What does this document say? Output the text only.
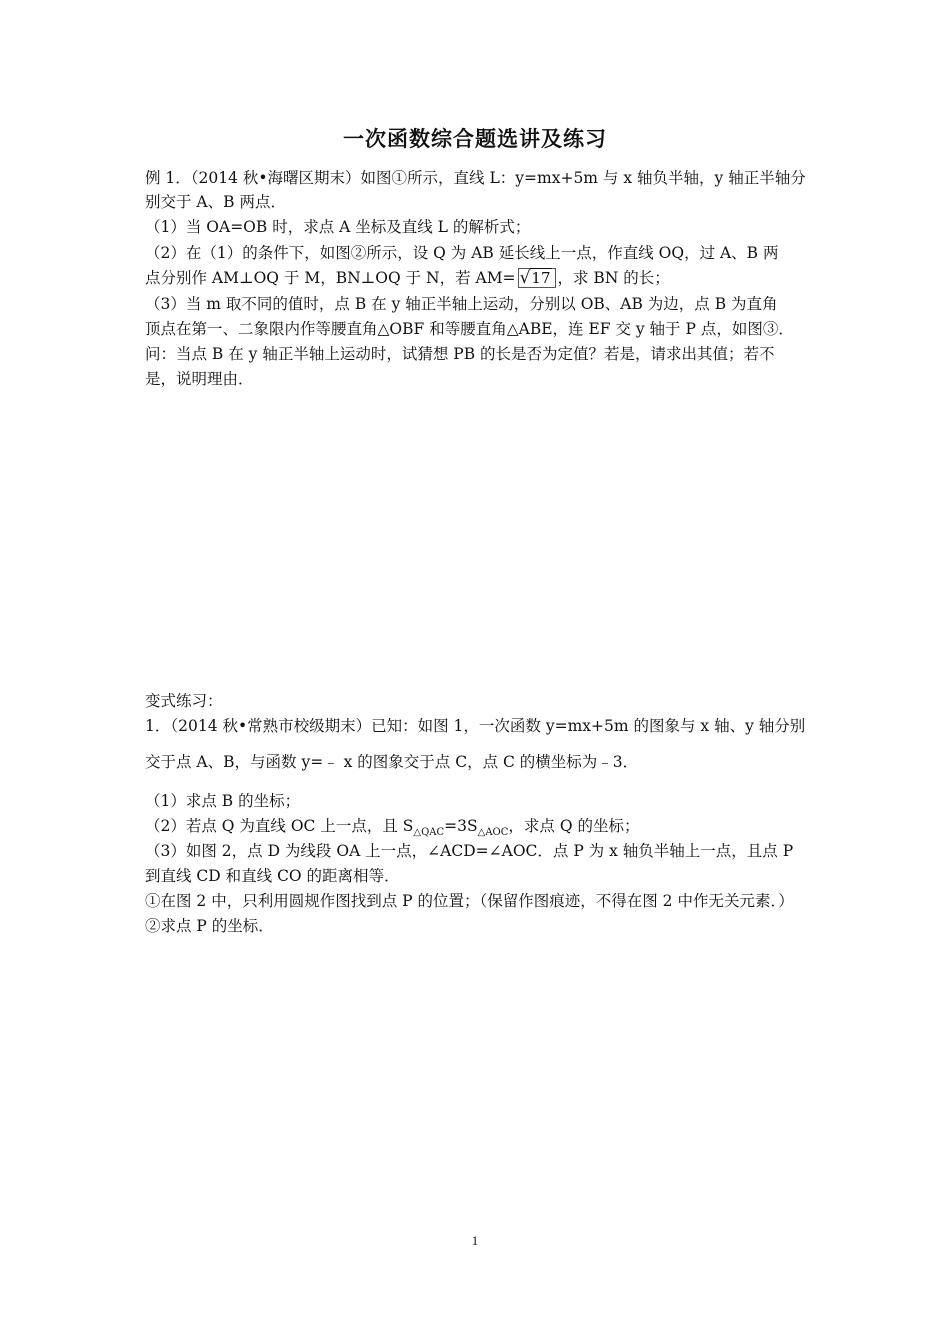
一次函数综合题选讲及练习
例 1．（2014 秋•海曙区期末）如图①所示，直线 L：y=mx+5m 与 x 轴负半轴，y 轴正半轴分
别交于 A、B 两点．
（1）当 OA=OB 时，求点 A 坐标及直线 L 的解析式；
（2）在（1）的条件下，如图②所示，设 Q 为 AB 延长线上一点，作直线 OQ，过 A、B 两
点分别作 AM⊥OQ 于 M，BN⊥OQ 于 N，若 AM= √17 ，求 BN 的长；
（3）当 m 取不同的值时，点 B 在 y 轴正半轴上运动，分别以 OB、AB 为边，点 B 为直角
顶点在第一、二象限内作等腰直角△OBF 和等腰直角△ABE，连 EF 交 y 轴于 P 点，如图③．
问：当点 B 在 y 轴正半轴上运动时，试猜想 PB 的长是否为定值？若是，请求出其值；若不
是，说明理由．
变式练习：
1．（2014 秋•常熟市校级期末）已知：如图 1，一次函数 y=mx+5m 的图象与 x 轴、y 轴分别
交于点 A、B，与函数 y=﹣ x 的图象交于点 C，点 C 的横坐标为﹣3．
（1）求点 B 的坐标；
（2）若点 Q 为直线 OC 上一点，且 $S_{\triangle QAC}=3S_{\triangle AOC}$，求点 Q 的坐标；
（3）如图 2，点 D 为线段 OA 上一点，∠ACD=∠AOC．点 P 为 x 轴负半轴上一点，且点 P
到直线 CD 和直线 CO 的距离相等．
①在图 2 中，只利用圆规作图找到点 P 的位置；（保留作图痕迹，不得在图 2 中作无关元素．）
②求点 P 的坐标．
1
